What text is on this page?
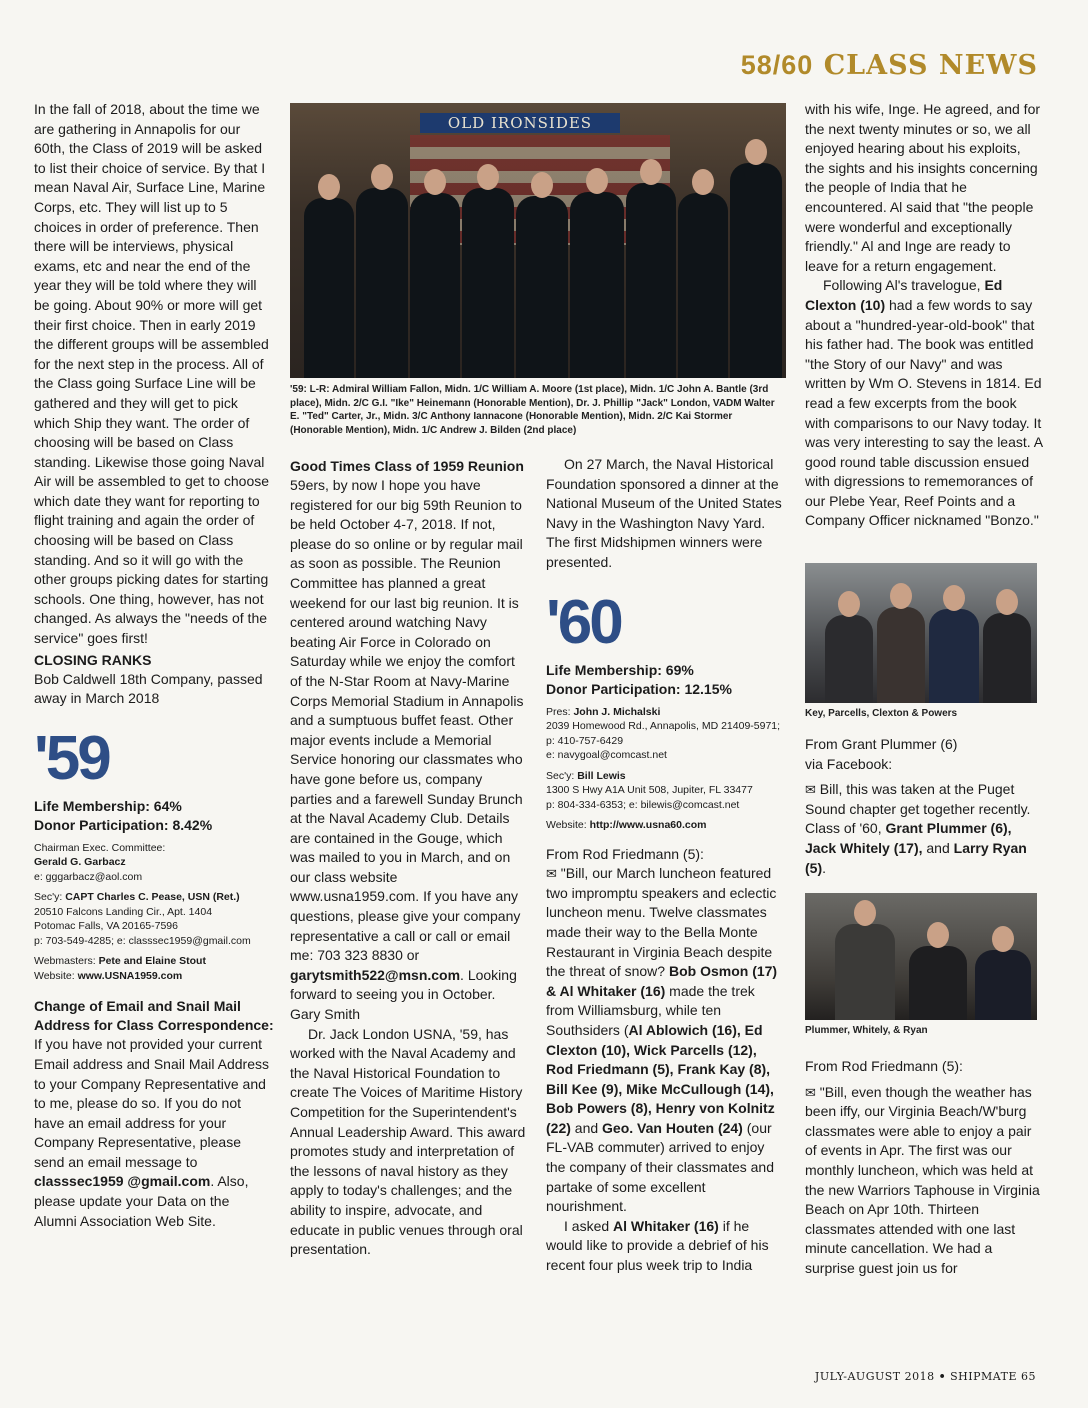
58/60 CLASS NEWS

In the fall of 2018, about the time we are gathering in Annapolis for our 60th, the Class of 2019 will be asked to list their choice of service. By that I mean Naval Air, Surface Line, Marine Corps, etc. They will list up to 5 choices in order of preference. Then there will be interviews, physical exams, etc and near the end of the year they will be told where they will be going. About 90% or more will get their first choice. Then in early 2019 the different groups will be assembled for the next step in the process. All of the Class going Surface Line will be gathered and they will get to pick which Ship they want. The order of choosing will be based on Class standing. Likewise those going Naval Air will be assembled to get to choose which date they want for reporting to flight training and again the order of choosing will be based on Class standing. And so it will go with the other groups picking dates for starting schools. One thing, however, has not changed. As always the "needs of the service" goes first!

CLOSING RANKS

Bob Caldwell 18th Company, passed away in March 2018

'59

Life Membership: 64%

Donor Participation: 8.42%

Chairman Exec. Committee:
Gerald G. Garbacz
e: gggarbacz@aol.com

Sec'y: CAPT Charles C. Pease, USN (Ret.)
20510 Falcons Landing Cir., Apt. 1404
Potomac Falls, VA 20165-7596
p: 703-549-4285; e: classsec1959@gmail.com

Webmasters: Pete and Elaine Stout
Website: www.USNA1959.com

Change of Email and Snail Mail Address for Class Correspondence:

If you have not provided your current Email address and Snail Mail Address to your Company Representative and to me, please do so. If you do not have an email address for your Company Representative, please send an email message to classsec1959 @gmail.com. Also, please update your Data on the Alumni Association Web Site.

OLD IRONSIDES
'59: L-R: Admiral William Fallon, Midn. 1/C William A. Moore (1st place), Midn. 1/C John A. Bantle (3rd place), Midn. 2/C G.I. "Ike" Heinemann (Honorable Mention), Dr. J. Phillip "Jack" London, VADM Walter E. "Ted" Carter, Jr., Midn. 3/C Anthony Iannacone (Honorable Mention), Midn. 2/C Kai Stormer (Honorable Mention), Midn. 1/C Andrew J. Bilden (2nd place)

Good Times Class of 1959 Reunion

59ers, by now I hope you have registered for our big 59th Reunion to be held October 4-7, 2018. If not, please do so online or by regular mail as soon as possible. The Reunion Committee has planned a great weekend for our last big reunion. It is centered around watching Navy beating Air Force in Colorado on Saturday while we enjoy the comfort of the N-Star Room at Navy-Marine Corps Memorial Stadium in Annapolis and a sumptuous buffet feast. Other major events include a Memorial Service honoring our classmates who have gone before us, company parties and a farewell Sunday Brunch at the Naval Academy Club. Details are contained in the Gouge, which was mailed to you in March, and on our class website www.usna1959.com. If you have any questions, please give your company representative a call or call or email me: 703 323 8830 or garytsmith522@msn.com. Looking forward to seeing you in October. Gary Smith

Dr. Jack London USNA, '59, has worked with the Naval Academy and the Naval Historical Foundation to create The Voices of Maritime History Competition for the Superintendent's Annual Leadership Award. This award promotes study and interpretation of the lessons of naval history as they apply to today's challenges; and the ability to inspire, advocate, and educate in public venues through oral presentation.

On 27 March, the Naval Historical Foundation sponsored a dinner at the National Museum of the United States Navy in the Washington Navy Yard. The first Midshipmen winners were presented.

'60

Life Membership: 69%

Donor Participation: 12.15%

Pres: John J. Michalski
2039 Homewood Rd., Annapolis, MD 21409-5971; p: 410-757-6429
e: navygoal@comcast.net

Sec'y: Bill Lewis
1300 S Hwy A1A Unit 508, Jupiter, FL 33477
p: 804-334-6353; e: bilewis@comcast.net

Website: http://www.usna60.com

From Rod Friedmann (5):

✉ "Bill, our March luncheon featured two impromptu speakers and eclectic luncheon menu. Twelve classmates made their way to the Bella Monte Restaurant in Virginia Beach despite the threat of snow? Bob Osmon (17) & Al Whitaker (16) made the trek from Williamsburg, while ten Southsiders (Al Ablowich (16), Ed Clexton (10), Wick Parcells (12), Rod Friedmann (5), Frank Kay (8), Bill Kee (9), Mike McCullough (14), Bob Powers (8), Henry von Kolnitz (22) and Geo. Van Houten (24) (our FL-VAB commuter) arrived to enjoy the company of their classmates and partake of some excellent nourishment.

I asked Al Whitaker (16) if he would like to provide a debrief of his recent four plus week trip to India

with his wife, Inge. He agreed, and for the next twenty minutes or so, we all enjoyed hearing about his exploits, the sights and his insights concerning the people of India that he encountered. Al said that "the people were wonderful and exceptionally friendly." Al and Inge are ready to leave for a return engagement.

Following Al's travelogue, Ed Clexton (10) had a few words to say about a "hundred-year-old-book" that his father had. The book was entitled "the Story of our Navy" and was written by Wm O. Stevens in 1814. Ed read a few excerpts from the book with comparisons to our Navy today. It was very interesting to say the least. A good round table discussion ensued with digressions to rememorances of our Plebe Year, Reef Points and a Company Officer nicknamed "Bonzo."

Key, Parcells, Clexton & Powers

From Grant Plummer (6)

via Facebook:

✉ Bill, this was taken at the Puget Sound chapter get together recently. Class of '60, Grant Plummer (6), Jack Whitely (17), and Larry Ryan (5).

Plummer, Whitely, & Ryan

From Rod Friedmann (5):

✉ "Bill, even though the weather has been iffy, our Virginia Beach/W'burg classmates were able to enjoy a pair of events in Apr. The first was our monthly luncheon, which was held at the new Warriors Taphouse in Virginia Beach on Apr 10th. Thirteen classmates attended with one last minute cancellation. We had a surprise guest join us for

JULY-AUGUST 2018 • SHIPMATE 65
